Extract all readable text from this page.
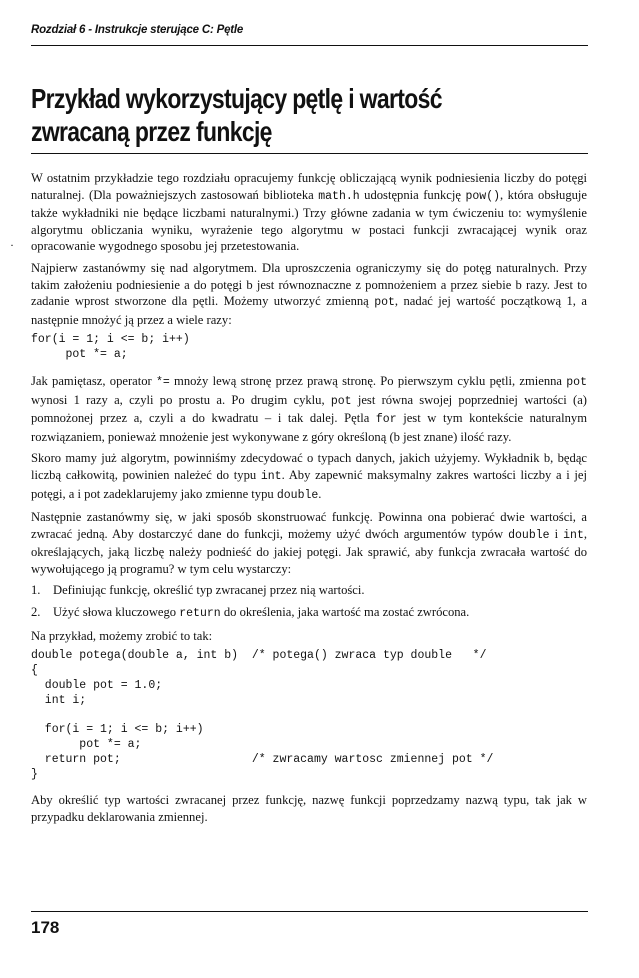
Rozdział 6 - Instrukcje sterujące C: Pętle
Przykład wykorzystujący pętlę i wartość
zwracaną przez funkcję
·

W ostatnim przykładzie tego rozdziału opracujemy funkcję obliczającą wynik podniesienia liczby do potęgi naturalnej. (Dla poważniejszych zastosowań biblioteka math.h udostępnia funkcję pow(), która obsługuje także wykładniki nie będące liczbami naturalnymi.) Trzy główne zadania w tym ćwiczeniu to: wymyślenie algorytmu obliczania wyniku, wyrażenie tego algorytmu w postaci funkcji zwracającej wynik oraz opracowanie wygodnego sposobu jej przetestowania.

Najpierw zastanówmy się nad algorytmem. Dla uproszczenia ograniczymy się do potęg naturalnych. Przy takim założeniu podniesienie a do potęgi b jest równoznaczne z pomnożeniem a przez siebie b razy. Jest to zadanie wprost stworzone dla pętli. Możemy utworzyć zmienną pot, nadać jej wartość początkową 1, a następnie mnożyć ją przez a wiele razy:

for(i = 1; i <= b; i++)
pot *= a;

Jak pamiętasz, operator *= mnoży lewą stronę przez prawą stronę. Po pierwszym cyklu pętli, zmienna pot wynosi 1 razy a, czyli po prostu a. Po drugim cyklu, pot jest równa swojej poprzedniej wartości (a) pomnożonej przez a, czyli a do kwadratu – i tak dalej. Pętla for jest w tym kontekście naturalnym rozwiązaniem, ponieważ mnożenie jest wykonywane z góry określoną (b jest znane) ilość razy.

Skoro mamy już algorytm, powinniśmy zdecydować o typach danych, jakich użyjemy. Wykładnik b, będąc liczbą całkowitą, powinien należeć do typu int. Aby zapewnić maksymalny zakres wartości liczby a i jej potęgi, a i pot zadeklarujemy jako zmienne typu double.

Następnie zastanówmy się, w jaki sposób skonstruować funkcję. Powinna ona pobierać dwie wartości, a zwracać jedną. Aby dostarczyć dane do funkcji, możemy użyć dwóch argumentów typów double i int, określających, jaką liczbę należy podnieść do jakiej potęgi. Jak sprawić, aby funkcja zwracała wartość do wywołującego ją programu? w tym celu wystarczy:

1. Definiując funkcję, określić typ zwracanej przez nią wartości.
2. Użyć słowa kluczowego return do określenia, jaka wartość ma zostać zwrócona.

Na przykład, możemy zrobić to tak:

double potega(double a, int b)  /* potega() zwraca typ double   */
{
double pot = 1.0;
int i;

for(i = 1; i <= b; i++)
pot *= a;
return pot;                   /* zwracamy wartosc zmiennej pot */
}

Aby określić typ wartości zwracanej przez funkcję, nazwę funkcji poprzedzamy nazwą typu, tak jak w przypadku deklarowania zmiennej.

178
